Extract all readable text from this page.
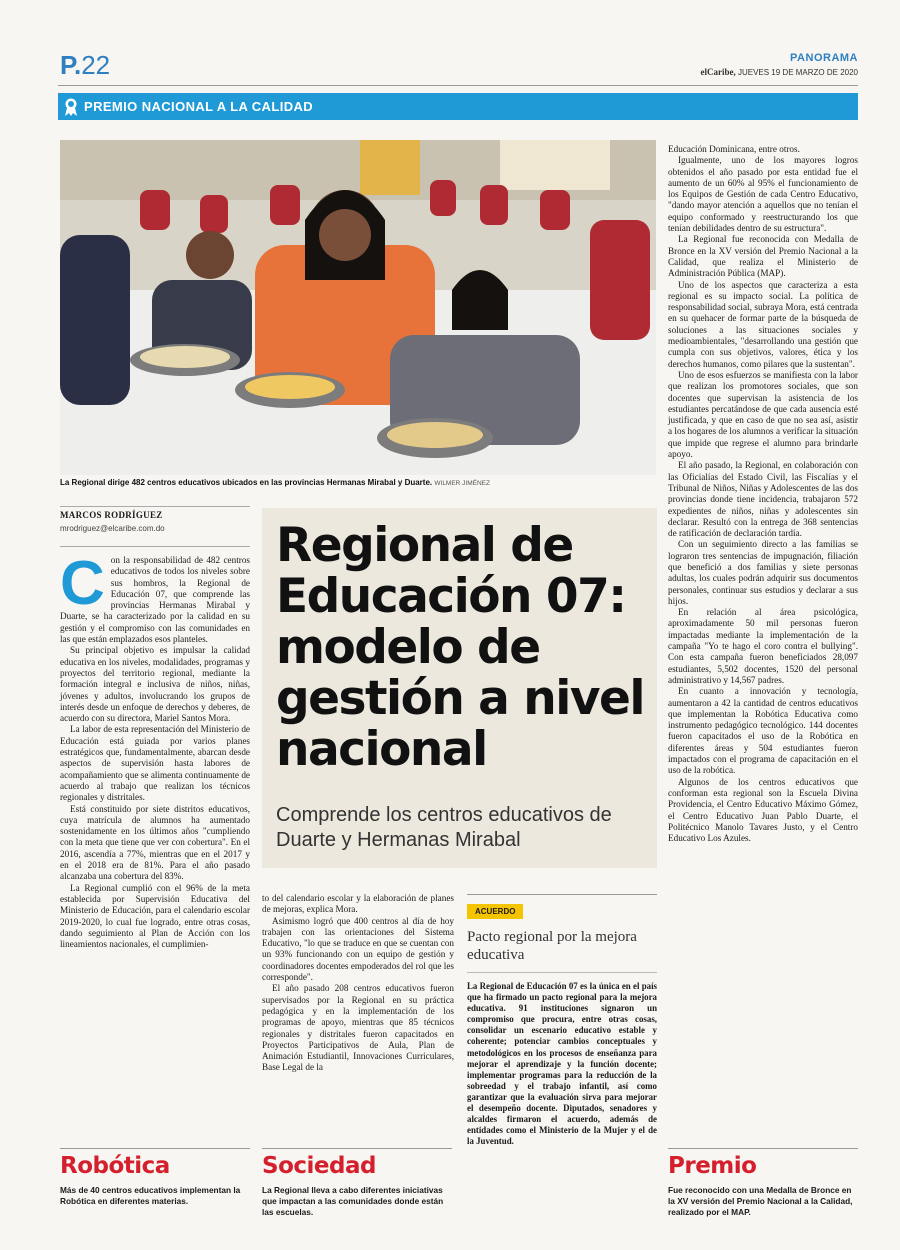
P.22	PANORAMA
elCaribe, JUEVES 19 DE MARZO DE 2020
PREMIO NACIONAL A LA CALIDAD
La Regional dirige 482 centros educativos ubicados en las provincias Hermanas Mirabal y Duarte. WILMER JIMÉNEZ
MARCOS RODRÍGUEZ
mrodriguez@elcaribe.com.do
C on la responsabilidad de 482 centros educativos de todos los niveles sobre sus hombros, la Regional de Educación 07, que comprende las provincias Hermanas Mirabal y Duarte, se ha caracterizado por la calidad en su gestión y el compromiso con las comunidades en las que están emplazados esos planteles.

Su principal objetivo es impulsar la calidad educativa en los niveles, modalidades, programas y proyectos del territorio regional, mediante la formación integral e inclusiva de niños, niñas, jóvenes y adultos, involucrando los grupos de interés desde un enfoque de derechos y deberes, de acuerdo con su directora, Mariel Santos Mora.

La labor de esta representación del Ministerio de Educación está guiada por varios planes estratégicos que, fundamentalmente, abarcan desde aspectos de supervisión hasta labores de acompañamiento que se alimenta continuamente de acuerdo al trabajo que realizan los técnicos regionales y distritales.

Está constituido por siete distritos educativos, cuya matrícula de alumnos ha aumentado sostenidamente en los últimos años "cumpliendo con la meta que tiene que ver con cobertura". En el 2016, ascendía a 77%, mientras que en el 2017 y en el 2018 era de 81%. Para el año pasado alcanzaba una cobertura del 83%.

La Regional cumplió con el 96% de la meta establecida por Supervisión Educativa del Ministerio de Educación, para el calendario escolar 2019-2020, lo cual fue logrado, entre otras cosas, dando seguimiento al Plan de Acción con los lineamientos nacionales, el cumplimien-

Regional de Educación 07: modelo de gestión a nivel nacional
Comprende los centros educativos de Duarte y Hermanas Mirabal

to del calendario escolar y la elaboración de planes de mejoras, explica Mora.

Asimismo logró que 400 centros al día de hoy trabajen con las orientaciones del Sistema Educativo, "lo que se traduce en que se cuentan con un 93% funcionando con un equipo de gestión y coordinadores docentes empoderados del rol que les corresponde".

El año pasado 208 centros educativos fueron supervisados por la Regional en su práctica pedagógica y en la implementación de los programas de apoyo, mientras que 85 técnicos regionales y distritales fueron capacitados en Proyectos Participativos de Aula, Plan de Animación Estudiantil, Innovaciones Curriculares, Base Legal de la

ACUERDO
Pacto regional por la mejora educativa

La Regional de Educación 07 es la única en el país que ha firmado un pacto regional para la mejora educativa. 91 instituciones signaron un compromiso que procura, entre otras cosas, consolidar un escenario educativo estable y coherente; potenciar cambios conceptuales y metodológicos en los procesos de enseñanza para mejorar el aprendizaje y la función docente; implementar programas para la reducción de la sobreedad y el trabajo infantil, así como garantizar que la evaluación sirva para mejorar el desempeño docente. Diputados, senadores y alcaldes firmaron el acuerdo, además de entidades como el Ministerio de la Mujer y el de la Juventud.

Educación Dominicana, entre otros.

Igualmente, uno de los mayores logros obtenidos el año pasado por esta entidad fue el aumento de un 60% al 95% el funcionamiento de los Equipos de Gestión de cada Centro Educativo, "dando mayor atención a aquellos que no tenían el equipo conformado y reestructurando los que tenían debilidades dentro de su estructura".

La Regional fue reconocida con Medalla de Bronce en la XV versión del Premio Nacional a la Calidad, que realiza el Ministerio de Administración Pública (MAP).

Uno de los aspectos que caracteriza a esta regional es su impacto social. La política de responsabilidad social, subraya Mora, está centrada en su quehacer de formar parte de la búsqueda de soluciones a las situaciones sociales y medioambientales, "desarrollando una gestión que cumpla con sus objetivos, valores, ética y los derechos humanos, como pilares que la sustentan".

Uno de esos esfuerzos se manifiesta con la labor que realizan los promotores sociales, que son docentes que supervisan la asistencia de los estudiantes percatándose de que cada ausencia esté justificada, y que en caso de que no sea así, asistir a los hogares de los alumnos a verificar la situación que impide que regrese el alumno para brindarle apoyo.

El año pasado, la Regional, en colaboración con las Oficialías del Estado Civil, las Fiscalías y el Tribunal de Niños, Niñas y Adolescentes de las dos provincias donde tiene incidencia, trabajaron 572 expedientes de niños, niñas y adolescentes sin declarar. Resultó con la entrega de 368 sentencias de ratificación de declaración tardía.

Con un seguimiento directo a las familias se lograron tres sentencias de impugnación, filiación que benefició a dos familias y siete personas adultas, los cuales podrán adquirir sus documentos personales, continuar sus estudios y declarar a sus hijos.

En relación al área psicológica, aproximadamente 50 mil personas fueron impactadas mediante la implementación de la campaña "Yo te hago el coro contra el bullying". Con esta campaña fueron beneficiados 28,097 estudiantes, 5,502 docentes, 1520 del personal administrativo y 14,567 padres.

En cuanto a innovación y tecnología, aumentaron a 42 la cantidad de centros educativos que implementan la Robótica Educativa como instrumento pedagógico tecnológico. 144 docentes fueron capacitados el uso de la Robótica en diferentes áreas y 504 estudiantes fueron impactados con el programa de capacitación en el uso de la robótica.

Algunos de los centros educativos que conforman esta regional son la Escuela Divina Providencia, el Centro Educativo Máximo Gómez, el Centro Educativo Juan Pablo Duarte, el Politécnico Manolo Tavares Justo, y el Centro Educativo Los Azules.

Robótica
Más de 40 centros educativos implementan la Robótica en diferentes materias.
Sociedad
La Regional lleva a cabo diferentes iniciativas que impactan a las comunidades donde están las escuelas.
Premio
Fue reconocido con una Medalla de Bronce en la XV versión del Premio Nacional a la Calidad, realizado por el MAP.
